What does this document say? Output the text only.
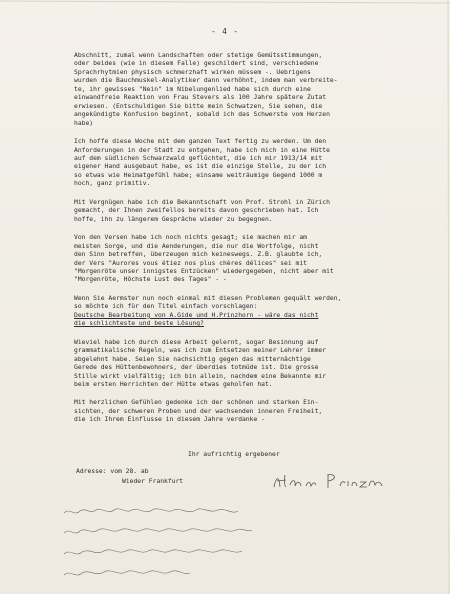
- 4 -

Abschnitt, zumal wenn Landschaften oder stetige Gemütsstimmungen,
oder beides (wie in diesem Falle) geschildert sind, verschiedene
Sprachrhytmien physisch schmerzhaft wirken müssem -. Uebrigens
wurden die Bauchmuskel-Analytiker dann verhöhnt, indem man verbreite-
te, ihr gewisses "Nein" im Nibelungenlied habe sich durch eine
einwandfreie Reaktion von Frau Stevers als 100 Jahre spätere Zutat
erwiesen. (Entschuldigen Sie bitte mein Schwatzen, Sie sehen, die
angekündigte Konfusion beginnt, sobald ich das Schwerste vom Herzen
habe)

Ich hoffe diese Woche mit dem ganzen Text fertig zu werden. Um den
Anforderungen in der Stadt zu entgehen, habe ich mich in eine Hütte
auf dem südlichen Schwarzwald geflüchtet, die ich mir 1913/14 mit
eigener Hand ausgebaut habe, es ist die einzige Stelle, zu der ich
so etwas wie Heimatgefühl habe; einsame weiträumige Gegend 1000 m
hoch, ganz primitiv.

Mit Vergnügen habe ich die Bekanntschaft von Prof. Strohl in Zürich
gemacht, der Ihnen zweifellos bereits davon geschrieben hat. Ich
hoffe, ihn zu längerem Gespräche wieder zu begegnen.

Von den Versen habe ich noch nichts gesagt; sie machen mir am
meisten Sorge, und die Aenderungen, die nur die Wortfolge, nicht
den Sinn betreffen, überzeugen mich keineswegs. Z.B. glaubte ich,
der Vers "Aurores vous étiez nos plus chères délices" sei mit
"Morgenröte unser innigstes Entzücken" wiedergegeben, nicht aber mit
"Morgenröte, Höchste Lust des Tages" - -

Wenn Sie Aermster nun noch einmal mit diesen Problemen gequält werden,
so möchte ich für den Titel einfach vorschlagen:
Deutsche Bearbeitung von A.Gide und H.Prinzhorn - wäre das nicht
die schlichteste und beste Lösung?

Wieviel habe ich durch diese Arbeit gelernt, sogar Besinnung auf
grammatikalische Regeln, was ich zum Entsetzen meiner Lehrer immer
abgelehnt habe. Seien Sie nachsichtig gegen das mitternächtige
Gerede des Hüttenbewohners, der überdies totmüde ist. Die grosse
Stille wirkt vielfältig; ich bin allein, nachdem eine Bekannte mir
beim ersten Herrichten der Hütte etwas geholfen hat.

Mit herzlichen Gefühlen gedenke ich der schönen und starken Ein-
sichten, der schweren Proben und der wachsenden inneren Freiheit,
die ich Ihrem Einflusse in diesem Jahre verdanke -

Ihr aufrichtig ergebener
Adresse: vom 28. ab
Wieder Frankfurt
